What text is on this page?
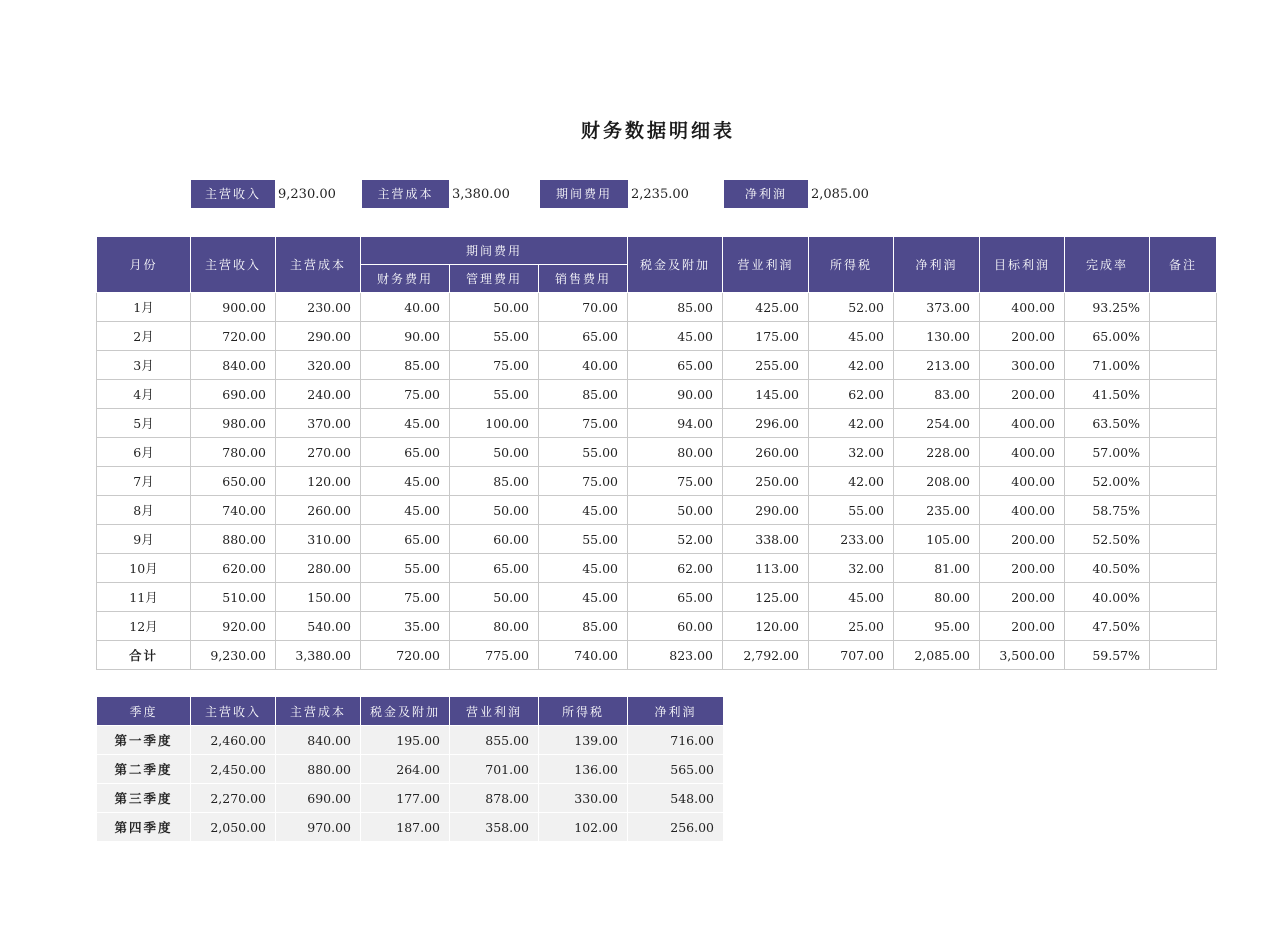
财务数据明细表
主营收入	9,230.00	主营成本	3,380.00	期间费用	2,235.00	净利润	2,085.00
月份	主营收入	主营成本	期间费用			税金及附加	营业利润	所得税	净利润	目标利润	完成率	备注
			财务费用	管理费用	销售费用							
1月	900.00	230.00	40.00	50.00	70.00	85.00	425.00	52.00	373.00	400.00	93.25%	
2月	720.00	290.00	90.00	55.00	65.00	45.00	175.00	45.00	130.00	200.00	65.00%	
3月	840.00	320.00	85.00	75.00	40.00	65.00	255.00	42.00	213.00	300.00	71.00%	
4月	690.00	240.00	75.00	55.00	85.00	90.00	145.00	62.00	83.00	200.00	41.50%	
5月	980.00	370.00	45.00	100.00	75.00	94.00	296.00	42.00	254.00	400.00	63.50%	
6月	780.00	270.00	65.00	50.00	55.00	80.00	260.00	32.00	228.00	400.00	57.00%	
7月	650.00	120.00	45.00	85.00	75.00	75.00	250.00	42.00	208.00	400.00	52.00%	
8月	740.00	260.00	45.00	50.00	45.00	50.00	290.00	55.00	235.00	400.00	58.75%	
9月	880.00	310.00	65.00	60.00	55.00	52.00	338.00	233.00	105.00	200.00	52.50%	
10月	620.00	280.00	55.00	65.00	45.00	62.00	113.00	32.00	81.00	200.00	40.50%	
11月	510.00	150.00	75.00	50.00	45.00	65.00	125.00	45.00	80.00	200.00	40.00%	
12月	920.00	540.00	35.00	80.00	85.00	60.00	120.00	25.00	95.00	200.00	47.50%	
合计	9,230.00	3,380.00	720.00	775.00	740.00	823.00	2,792.00	707.00	2,085.00	3,500.00	59.57%	
季度	主营收入	主营成本	税金及附加	营业利润	所得税	净利润
第一季度	2,460.00	840.00	195.00	855.00	139.00	716.00
第二季度	2,450.00	880.00	264.00	701.00	136.00	565.00
第三季度	2,270.00	690.00	177.00	878.00	330.00	548.00
第四季度	2,050.00	970.00	187.00	358.00	102.00	256.00
